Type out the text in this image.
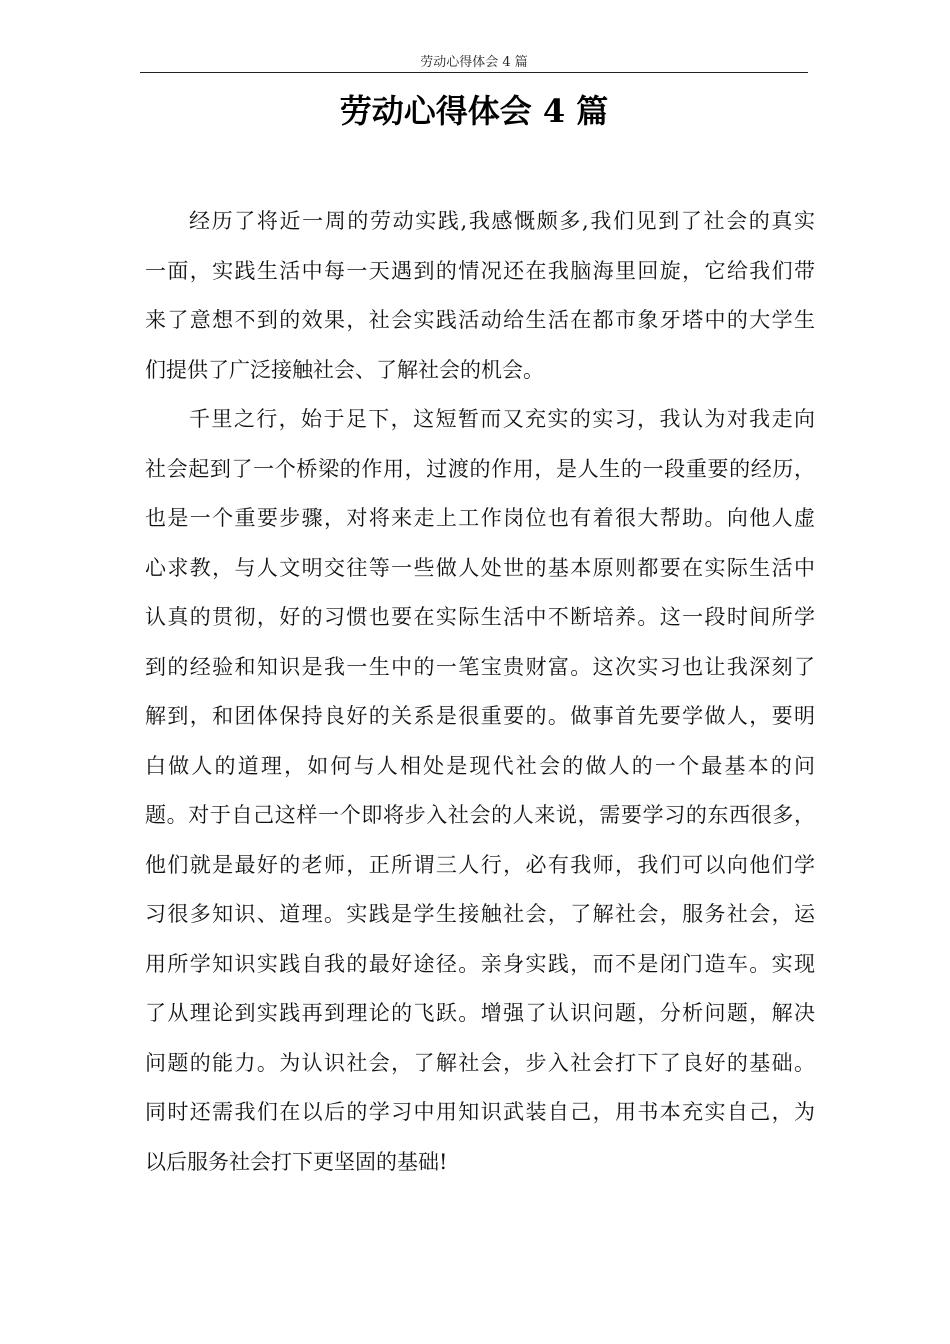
劳动心得体会 4 篇
劳动心得体会 4 篇

经历了将近一周的劳动实践,我感慨颇多,我们见到了社会的真实
一面，实践生活中每一天遇到的情况还在我脑海里回旋，它给我们带
来了意想不到的效果，社会实践活动给生活在都市象牙塔中的大学生
们提供了广泛接触社会、了解社会的机会。

千里之行，始于足下，这短暂而又充实的实习，我认为对我走向
社会起到了一个桥梁的作用，过渡的作用，是人生的一段重要的经历，
也是一个重要步骤，对将来走上工作岗位也有着很大帮助。向他人虚
心求教，与人文明交往等一些做人处世的基本原则都要在实际生活中
认真的贯彻，好的习惯也要在实际生活中不断培养。这一段时间所学
到的经验和知识是我一生中的一笔宝贵财富。这次实习也让我深刻了
解到，和团体保持良好的关系是很重要的。做事首先要学做人，要明
白做人的道理，如何与人相处是现代社会的做人的一个最基本的问
题。对于自己这样一个即将步入社会的人来说，需要学习的东西很多，
他们就是最好的老师，正所谓三人行，必有我师，我们可以向他们学
习很多知识、道理。实践是学生接触社会，了解社会，服务社会，运
用所学知识实践自我的最好途径。亲身实践，而不是闭门造车。实现
了从理论到实践再到理论的飞跃。增强了认识问题，分析问题，解决
问题的能力。为认识社会，了解社会，步入社会打下了良好的基础。
同时还需我们在以后的学习中用知识武装自己，用书本充实自己，为
以后服务社会打下更坚固的基础!
